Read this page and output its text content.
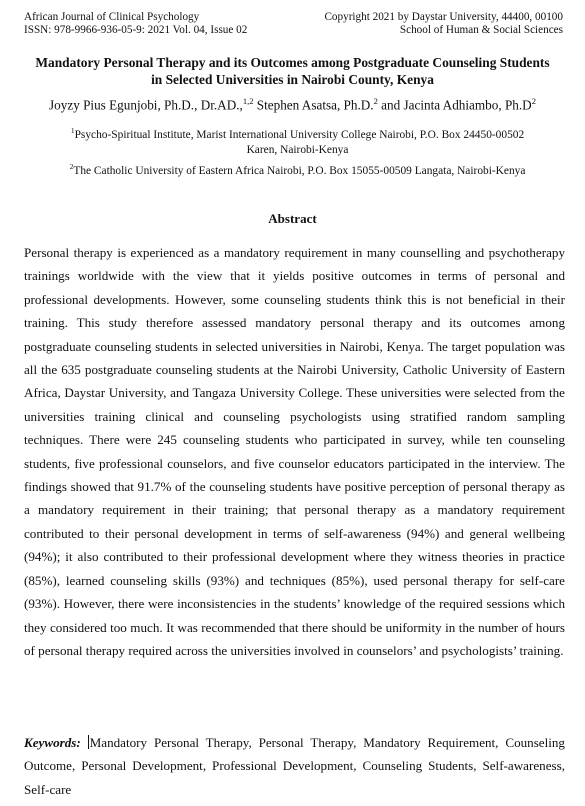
African Journal of Clinical Psychology
ISSN: 978-9966-936-05-9: 2021 Vol. 04, Issue 02
Copyright 2021 by Daystar University, 44400, 00100
School of Human & Social Sciences
Mandatory Personal Therapy and its Outcomes among Postgraduate Counseling Students
in Selected Universities in Nairobi County, Kenya
Joyzy Pius Egunjobi, Ph.D., Dr.AD.,$^{1,2}$ Stephen Asatsa, Ph.D.$^2$ and Jacinta Adhiambo, $Ph.D^2$
$^1$Psycho-Spiritual Institute, Marist International University College Nairobi, P.O. Box 24450-00502
Karen, Nairobi-Kenya
$^2$The Catholic University of Eastern Africa Nairobi, P.O. Box 15055-00509 Langata, Nairobi-Kenya
Abstract
Personal therapy is experienced as a mandatory requirement in many counselling and psychotherapy trainings worldwide with the view that it yields positive outcomes in terms of personal and professional developments. However, some counseling students think this is not beneficial in their training. This study therefore assessed mandatory personal therapy and its outcomes among postgraduate counseling students in selected universities in Nairobi, Kenya. The target population was all the 635 postgraduate counseling students at the Nairobi University, Catholic University of Eastern Africa, Daystar University, and Tangaza University College. These universities were selected from the universities training clinical and counseling psychologists using stratified random sampling techniques. There were 245 counseling students who participated in survey, while ten counseling students, five professional counselors, and five counselor educators participated in the interview. The findings showed that 91.7% of the counseling students have positive perception of personal therapy as a mandatory requirement in their training; that personal therapy as a mandatory requirement contributed to their personal development in terms of self-awareness (94%) and general wellbeing (94%); it also contributed to their professional development where they witness theories in practice (85%), learned counseling skills (93%) and techniques (85%), used personal therapy for self-care (93%). However, there were inconsistencies in the students’ knowledge of the required sessions which they considered too much. It was recommended that there should be uniformity in the number of hours of personal therapy required across the universities involved in counselors’ and psychologists’ training.
Keywords: Mandatory Personal Therapy, Personal Therapy, Mandatory Requirement, Counseling Outcome, Personal Development, Professional Development, Counseling Students, Self-awareness, Self-care
